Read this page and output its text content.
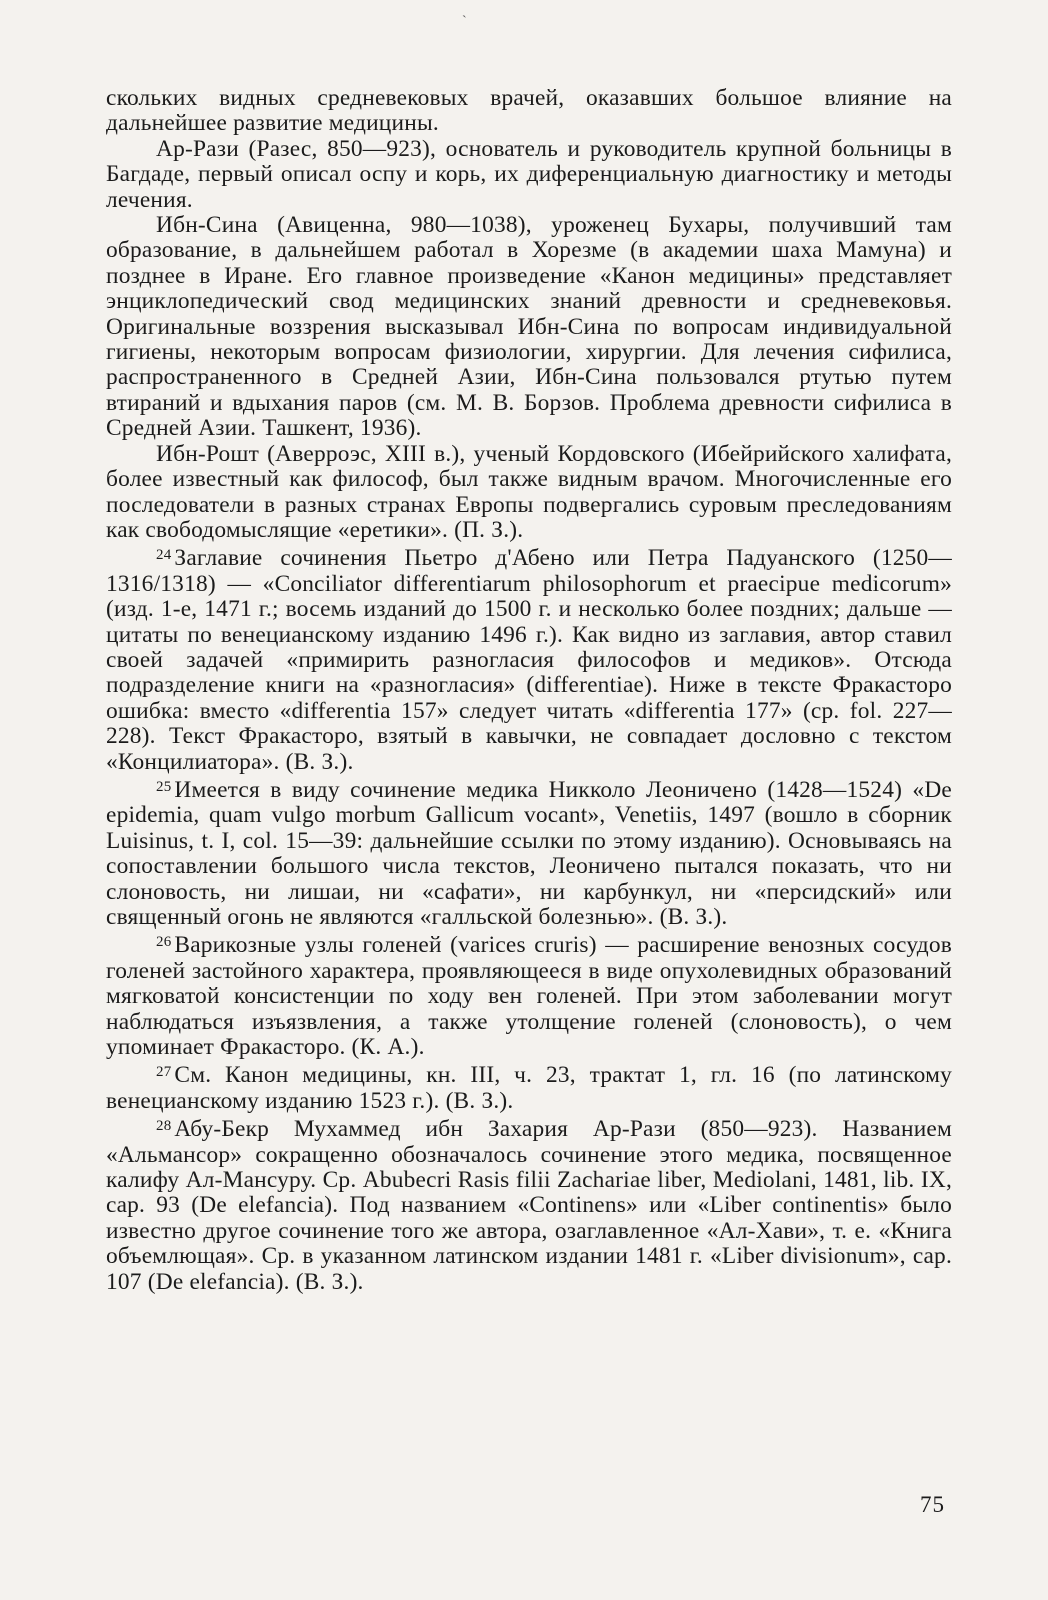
ˋ

скольких видных средневековых врачей, оказавших большое влияние на дальнейшее развитие медицины.

Ар-Рази (Разес, 850—923), основатель и руководитель крупной больницы в Багдаде, первый описал оспу и корь, их диференциальную диагностику и методы лечения.

Ибн-Сина (Авиценна, 980—1038), уроженец Бухары, получивший там образование, в дальнейшем работал в Хорезме (в академии шаха Мамуна) и позднее в Иране. Его главное произведение «Канон медицины» представляет энциклопедический свод медицинских знаний древности и средневековья. Оригинальные воззрения высказывал Ибн-Сина по вопросам индивидуальной гигиены, некоторым вопросам физиологии, хирургии. Для лечения сифилиса, распространенного в Средней Азии, Ибн-Сина пользовался ртутью путем втираний и вдыхания паров (см. М. В. Борзов. Проблема древности сифилиса в Средней Азии. Ташкент, 1936).

Ибн-Рошт (Аверроэс, XIII в.), ученый Кордовского (Ибейрийского халифата, более известный как философ, был также видным врачом. Многочисленные его последователи в разных странах Европы подвергались суровым преследованиям как свободомыслящие «еретики». (П. З.).

$^{24}$ Заглавие сочинения Пьетро д'Абено или Петра Падуанского (1250—1316/1318) — «Conciliator differentiarum philosophorum et praecipue medicorum» (изд. 1-е, 1471 г.; восемь изданий до 1500 г. и несколько более поздних; дальше — цитаты по венецианскому изданию 1496 г.). Как видно из заглавия, автор ставил своей задачей «примирить разногласия философов и медиков». Отсюда подразделение книги на «разногласия» (differentiae). Ниже в тексте Фракасторо ошибка: вместо «differentia 157» следует читать «differentia 177» (ср. fol. 227—228). Текст Фракасторо, взятый в кавычки, не совпадает дословно с текстом «Концилиатора». (В. З.).

$^{25}$ Имеется в виду сочинение медика Никколо Леоничено (1428—1524) «De epidemia, quam vulgo morbum Gallicum vocant», Venetiis, 1497 (вошло в сборник Luisinus, t. I, col. 15—39: дальнейшие ссылки по этому изданию). Основываясь на сопоставлении большого числа текстов, Леоничено пытался показать, что ни слоновость, ни лишаи, ни «сафати», ни карбункул, ни «персидский» или священный огонь не являются «галльской болезнью». (В. З.).

$^{26}$ Варикозные узлы голеней (varices cruris) — расширение венозных сосудов голеней застойного характера, проявляющееся в виде опухолевидных образований мягковатой консистенции по ходу вен голеней. При этом заболевании могут наблюдаться изъязвления, а также утолщение голеней (слоновость), о чем упоминает Фракасторо. (К. А.).

$^{27}$ См. Канон медицины, кн. III, ч. 23, трактат 1, гл. 16 (по латинскому венецианскому изданию 1523 г.). (В. З.).

$^{28}$ Абу-Бекр Мухаммед ибн Захария Ар-Рази (850—923). Названием «Альмансор» сокращенно обозначалось сочинение этого медика, посвященное калифу Ал-Мансуру. Ср. Abubecri Rasis filii Zachariae liber, Mediolani, 1481, lib. IX, cap. 93 (De elefancia). Под названием «Continens» или «Liber continentis» было известно другое сочинение того же автора, озаглавленное «Ал-Хави», т. е. «Книга объемлющая». Ср. в указанном латинском издании 1481 г. «Liber divisionum», cap. 107 (De elefancia). (В. З.).

75
